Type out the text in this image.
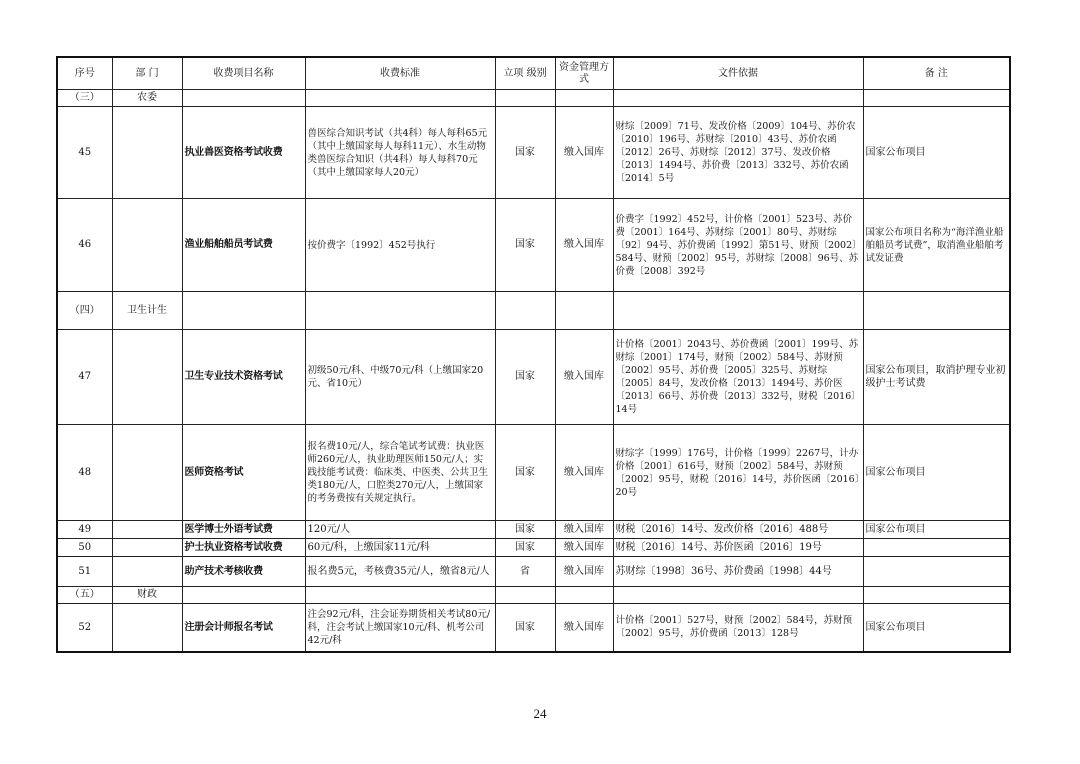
序号	部 门	收费项目名称	收费标准	立项 级别	资金管理方式	文件依据	备 注
（三）	农委						
45		执业兽医资格考试收费	兽医综合知识考试（共4科）每人每科65元（其中上缴国家每人每科11元）、水生动物类兽医综合知识（共4科）每人每科70元（其中上缴国家每人20元）	国家	缴入国库	财综〔2009〕71号、发改价格〔2009〕104号、苏价农〔2010〕196号、苏财综〔2010〕43号、苏价农函〔2012〕26号、苏财综〔2012〕37号、发改价格〔2013〕1494号、苏价费〔2013〕332号、苏价农函〔2014〕5号	国家公布项目
46		渔业船舶船员考试费	按价费字〔1992〕452号执行	国家	缴入国库	价费字〔1992〕452号，计价格〔2001〕523号、苏价费〔2001〕164号、苏财综〔2001〕80号、苏财综〔92〕94号、苏价费函〔1992〕第51号、财预〔2002〕584号、财预〔2002〕95号，苏财综〔2008〕96号、苏价费〔2008〕392号	国家公布项目名称为“海洋渔业船舶船员考试费”，取消渔业船舶考试发证费
（四）	卫生计生						
47		卫生专业技术资格考试	初级50元/科、中级70元/科（上缴国家20元、省10元）	国家	缴入国库	计价格〔2001〕2043号、苏价费函〔2001〕199号、苏财综〔2001〕174号，财预〔2002〕584号、苏财预〔2002〕95号、苏价费〔2005〕325号、苏财综〔2005〕84号，发改价格〔2013〕1494号、苏价医〔2013〕66号、苏价费〔2013〕332号，财税〔2016〕14号	国家公布项目，取消护理专业初级护士考试费
48		医师资格考试	报名费10元/人，综合笔试考试费：执业医师260元/人，执业助理医师150元/人；实践技能考试费：临床类、中医类、公共卫生类180元/人，口腔类270元/人，上缴国家的考务费按有关规定执行。	国家	缴入国库	财综字〔1999〕176号，计价格〔1999〕2267号，计办价格〔2001〕616号，财预〔2002〕584号，苏财预〔2002〕95号，财税〔2016〕14号，苏价医函〔2016〕20号	国家公布项目
49		医学博士外语考试费	120元/人	国家	缴入国库	财税〔2016〕14号、发改价格〔2016〕488号	国家公布项目
50		护士执业资格考试收费	60元/科，上缴国家11元/科	国家	缴入国库	财税〔2016〕14号、苏价医函〔2016〕19号	
51		助产技术考核收费	报名费5元，考核费35元/人，缴省8元/人	省	缴入国库	苏财综〔1998〕36号、苏价费函〔1998〕44号	
（五）	财政						
52		注册会计师报名考试	注会92元/科，注会证券期货相关考试80元/科，注会考试上缴国家10元/科、机考公司42元/科	国家	缴入国库	计价格〔2001〕527号，财预〔2002〕584号，苏财预〔2002〕95号，苏价费函〔2013〕128号	国家公布项目
24
